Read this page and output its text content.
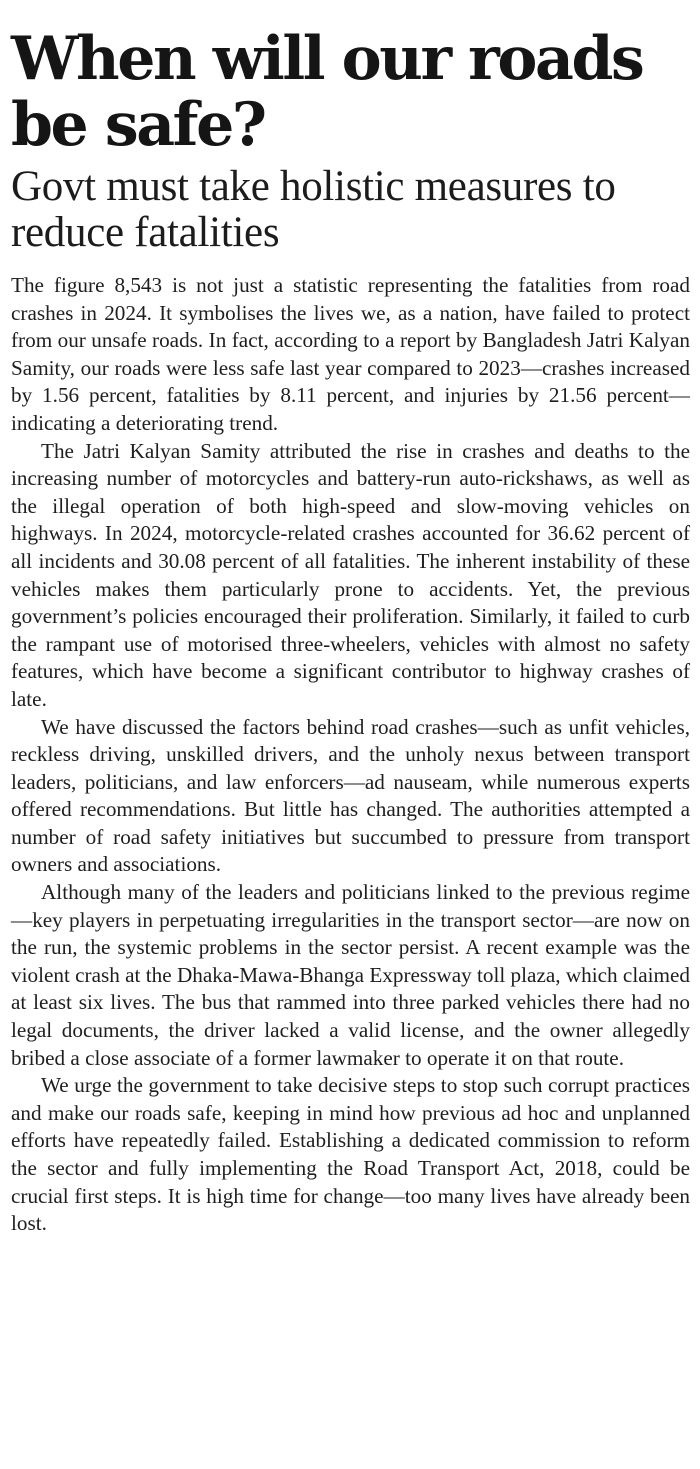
When will our roads be safe?
Govt must take holistic measures to reduce fatalities

The figure 8,543 is not just a statistic representing the fatalities from road crashes in 2024. It symbolises the lives we, as a nation, have failed to protect from our unsafe roads. In fact, according to a report by Bangladesh Jatri Kalyan Samity, our roads were less safe last year compared to 2023—crashes increased by 1.56 percent, fatalities by 8.11 percent, and injuries by 21.56 percent—indicating a deteriorating trend.

The Jatri Kalyan Samity attributed the rise in crashes and deaths to the increasing number of motorcycles and battery-run auto-rickshaws, as well as the illegal operation of both high-speed and slow-moving vehicles on highways. In 2024, motorcycle-related crashes accounted for 36.62 percent of all incidents and 30.08 percent of all fatalities. The inherent instability of these vehicles makes them particularly prone to accidents. Yet, the previous government’s policies encouraged their proliferation. Similarly, it failed to curb the rampant use of motorised three-wheelers, vehicles with almost no safety features, which have become a significant contributor to highway crashes of late.

We have discussed the factors behind road crashes—such as unfit vehicles, reckless driving, unskilled drivers, and the unholy nexus between transport leaders, politicians, and law enforcers—ad nauseam, while numerous experts offered recommendations. But little has changed. The authorities attempted a number of road safety initiatives but succumbed to pressure from transport owners and associations.

Although many of the leaders and politicians linked to the previous regime—key players in perpetuating irregularities in the transport sector—are now on the run, the systemic problems in the sector persist. A recent example was the violent crash at the Dhaka-Mawa-Bhanga Expressway toll plaza, which claimed at least six lives. The bus that rammed into three parked vehicles there had no legal documents, the driver lacked a valid license, and the owner allegedly bribed a close associate of a former lawmaker to operate it on that route.

We urge the government to take decisive steps to stop such corrupt practices and make our roads safe, keeping in mind how previous ad hoc and unplanned efforts have repeatedly failed. Establishing a dedicated commission to reform the sector and fully implementing the Road Transport Act, 2018, could be crucial first steps. It is high time for change—too many lives have already been lost.
